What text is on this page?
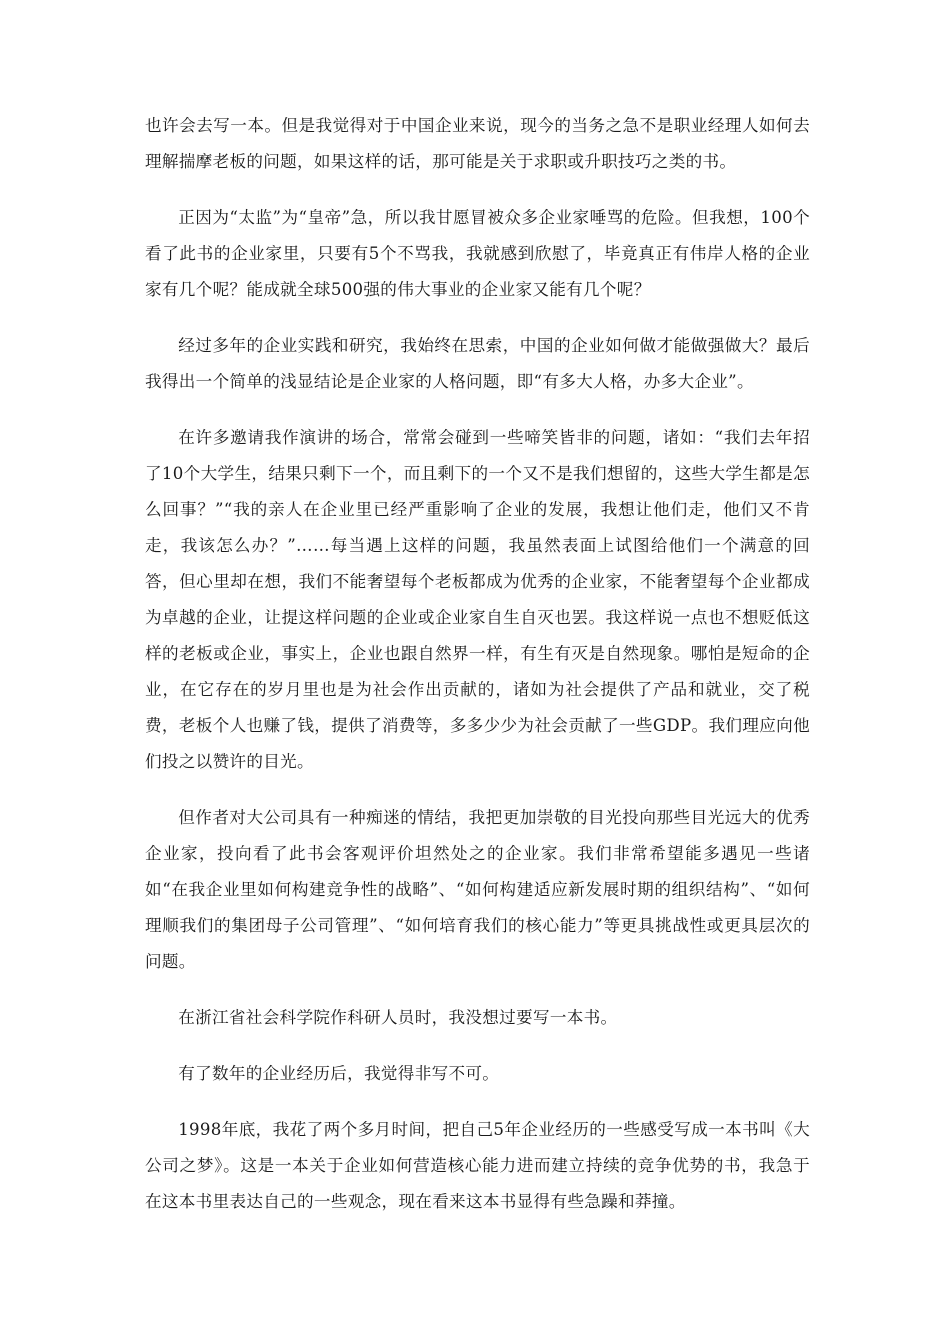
也许会去写一本。但是我觉得对于中国企业来说，现今的当务之急不是职业经理人如何去理解揣摩老板的问题，如果这样的话，那可能是关于求职或升职技巧之类的书。

正因为“太监”为“皇帝”急，所以我甘愿冒被众多企业家唾骂的危险。但我想，100个看了此书的企业家里，只要有5个不骂我，我就感到欣慰了，毕竟真正有伟岸人格的企业家有几个呢？能成就全球500强的伟大事业的企业家又能有几个呢？

经过多年的企业实践和研究，我始终在思索，中国的企业如何做才能做强做大？最后我得出一个简单的浅显结论是企业家的人格问题，即“有多大人格，办多大企业”。

在许多邀请我作演讲的场合，常常会碰到一些啼笑皆非的问题，诸如：“我们去年招了10个大学生，结果只剩下一个，而且剩下的一个又不是我们想留的，这些大学生都是怎么回事？”“我的亲人在企业里已经严重影响了企业的发展，我想让他们走，他们又不肯走，我该怎么办？”……每当遇上这样的问题，我虽然表面上试图给他们一个满意的回答，但心里却在想，我们不能奢望每个老板都成为优秀的企业家，不能奢望每个企业都成为卓越的企业，让提这样问题的企业或企业家自生自灭也罢。我这样说一点也不想贬低这样的老板或企业，事实上，企业也跟自然界一样，有生有灭是自然现象。哪怕是短命的企业，在它存在的岁月里也是为社会作出贡献的，诸如为社会提供了产品和就业，交了税费，老板个人也赚了钱，提供了消费等，多多少少为社会贡献了一些GDP。我们理应向他们投之以赞许的目光。

但作者对大公司具有一种痴迷的情结，我把更加崇敬的目光投向那些目光远大的优秀企业家，投向看了此书会客观评价坦然处之的企业家。我们非常希望能多遇见一些诸如“在我企业里如何构建竞争性的战略”、“如何构建适应新发展时期的组织结构”、“如何理顺我们的集团母子公司管理”、“如何培育我们的核心能力”等更具挑战性或更具层次的问题。

在浙江省社会科学院作科研人员时，我没想过要写一本书。

有了数年的企业经历后，我觉得非写不可。

1998年底，我花了两个多月时间，把自己5年企业经历的一些感受写成一本书叫《大公司之梦》。这是一本关于企业如何营造核心能力进而建立持续的竞争优势的书，我急于在这本书里表达自己的一些观念，现在看来这本书显得有些急躁和莽撞。
